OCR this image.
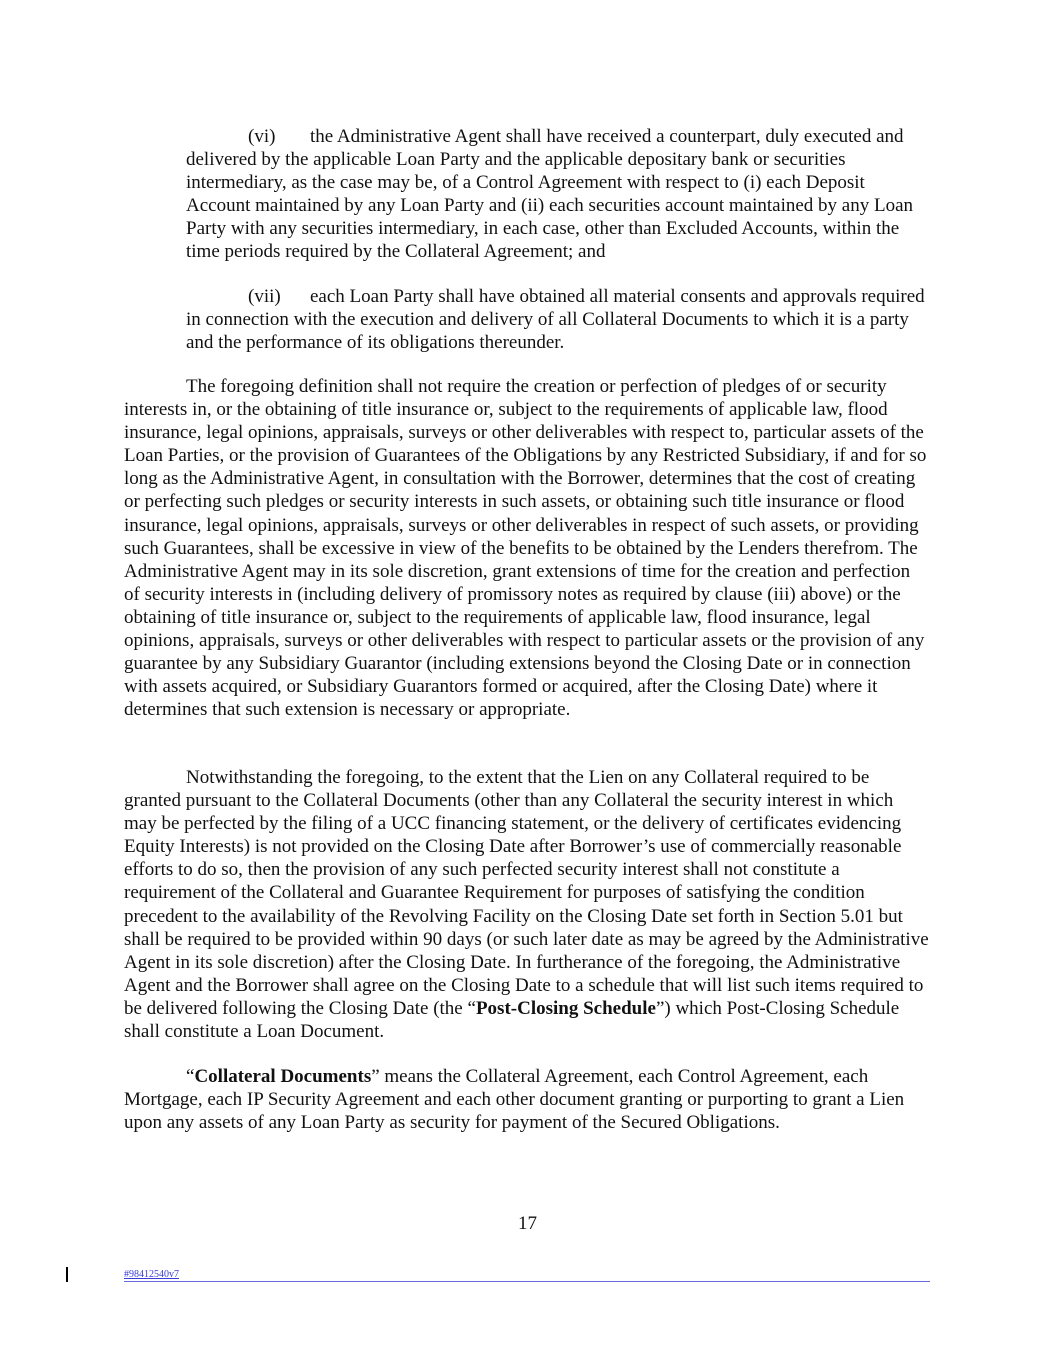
(vi) the Administrative Agent shall have received a counterpart, duly executed and delivered by the applicable Loan Party and the applicable depositary bank or securities intermediary, as the case may be, of a Control Agreement with respect to (i) each Deposit Account maintained by any Loan Party and (ii) each securities account maintained by any Loan Party with any securities intermediary, in each case, other than Excluded Accounts, within the time periods required by the Collateral Agreement; and
(vii) each Loan Party shall have obtained all material consents and approvals required in connection with the execution and delivery of all Collateral Documents to which it is a party and the performance of its obligations thereunder.
The foregoing definition shall not require the creation or perfection of pledges of or security interests in, or the obtaining of title insurance or, subject to the requirements of applicable law, flood insurance, legal opinions, appraisals, surveys or other deliverables with respect to, particular assets of the Loan Parties, or the provision of Guarantees of the Obligations by any Restricted Subsidiary, if and for so long as the Administrative Agent, in consultation with the Borrower, determines that the cost of creating or perfecting such pledges or security interests in such assets, or obtaining such title insurance or flood insurance, legal opinions, appraisals, surveys or other deliverables in respect of such assets, or providing such Guarantees, shall be excessive in view of the benefits to be obtained by the Lenders therefrom. The Administrative Agent may in its sole discretion, grant extensions of time for the creation and perfection of security interests in (including delivery of promissory notes as required by clause (iii) above) or the obtaining of title insurance or, subject to the requirements of applicable law, flood insurance, legal opinions, appraisals, surveys or other deliverables with respect to particular assets or the provision of any guarantee by any Subsidiary Guarantor (including extensions beyond the Closing Date or in connection with assets acquired, or Subsidiary Guarantors formed or acquired, after the Closing Date) where it determines that such extension is necessary or appropriate.
Notwithstanding the foregoing, to the extent that the Lien on any Collateral required to be granted pursuant to the Collateral Documents (other than any Collateral the security interest in which may be perfected by the filing of a UCC financing statement, or the delivery of certificates evidencing Equity Interests) is not provided on the Closing Date after Borrower’s use of commercially reasonable efforts to do so, then the provision of any such perfected security interest shall not constitute a requirement of the Collateral and Guarantee Requirement for purposes of satisfying the condition precedent to the availability of the Revolving Facility on the Closing Date set forth in Section 5.01 but shall be required to be provided within 90 days (or such later date as may be agreed by the Administrative Agent in its sole discretion) after the Closing Date. In furtherance of the foregoing, the Administrative Agent and the Borrower shall agree on the Closing Date to a schedule that will list such items required to be delivered following the Closing Date (the “Post-Closing Schedule”) which Post-Closing Schedule shall constitute a Loan Document.
“Collateral Documents” means the Collateral Agreement, each Control Agreement, each Mortgage, each IP Security Agreement and each other document granting or purporting to grant a Lien upon any assets of any Loan Party as security for payment of the Secured Obligations.
17
#98412540v7
